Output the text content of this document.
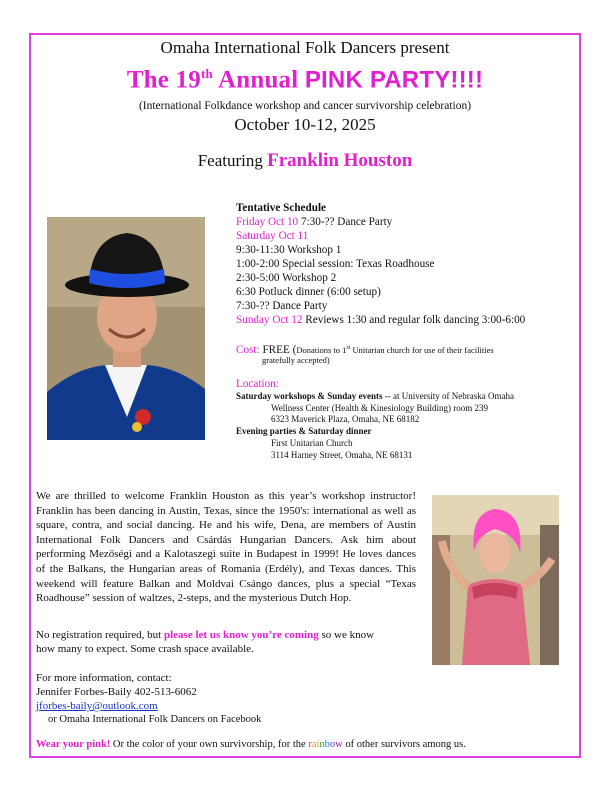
Omaha International Folk Dancers present
The 19th Annual PINK PARTY!!!!
(International Folkdance workshop and cancer survivorship celebration)
October 10-12, 2025
Featuring Franklin Houston
Tentative Schedule
Friday Oct 10 7:30-?? Dance Party
Saturday Oct 11
9:30-11:30 Workshop 1
1:00-2:00 Special session: Texas Roadhouse
2:30-5:00 Workshop 2
6:30 Potluck dinner (6:00 setup)
7:30-?? Dance Party
Sunday Oct 12 Reviews 1:30 and regular folk dancing 3:00-6:00
Cost: FREE (Donations to 1st Unitarian church for use of their facilities
gratefully accepted)
Location:
Saturday workshops & Sunday events -- at University of Nebraska Omaha
Wellness Center (Health & Kinesiology Building) room 239
6323 Maverick Plaza, Omaha, NE 68182
Evening parties & Saturday dinner
First Unitarian Church
3114 Harney Street, Omaha, NE 68131
We are thrilled to welcome Franklin Houston as this year’s workshop instructor! Franklin has been dancing in Austin, Texas, since the 1950's: international as well as square, contra, and social dancing. He and his wife, Dena, are members of Austin International Folk Dancers and Csárdás Hungarian Dancers. Ask him about performing Mezőségi and a Kalotaszegi suite in Budapest in 1999! He loves dances of the Balkans, the Hungarian areas of Romania (Erdély), and Texas dances. This weekend will feature Balkan and Moldvai Csángo dances, plus a special “Texas Roadhouse” session of waltzes, 2-steps, and the mysterious Dutch Hop.
No registration required, but please let us know you’re coming so we know
how many to expect. Some crash space available.
For more information, contact:
Jennifer Forbes-Baily 402-513-6062
jforbes-baily@outlook.com
or Omaha International Folk Dancers on Facebook
Wear your pink! Or the color of your own survivorship, for the rainbow of other survivors among us.
